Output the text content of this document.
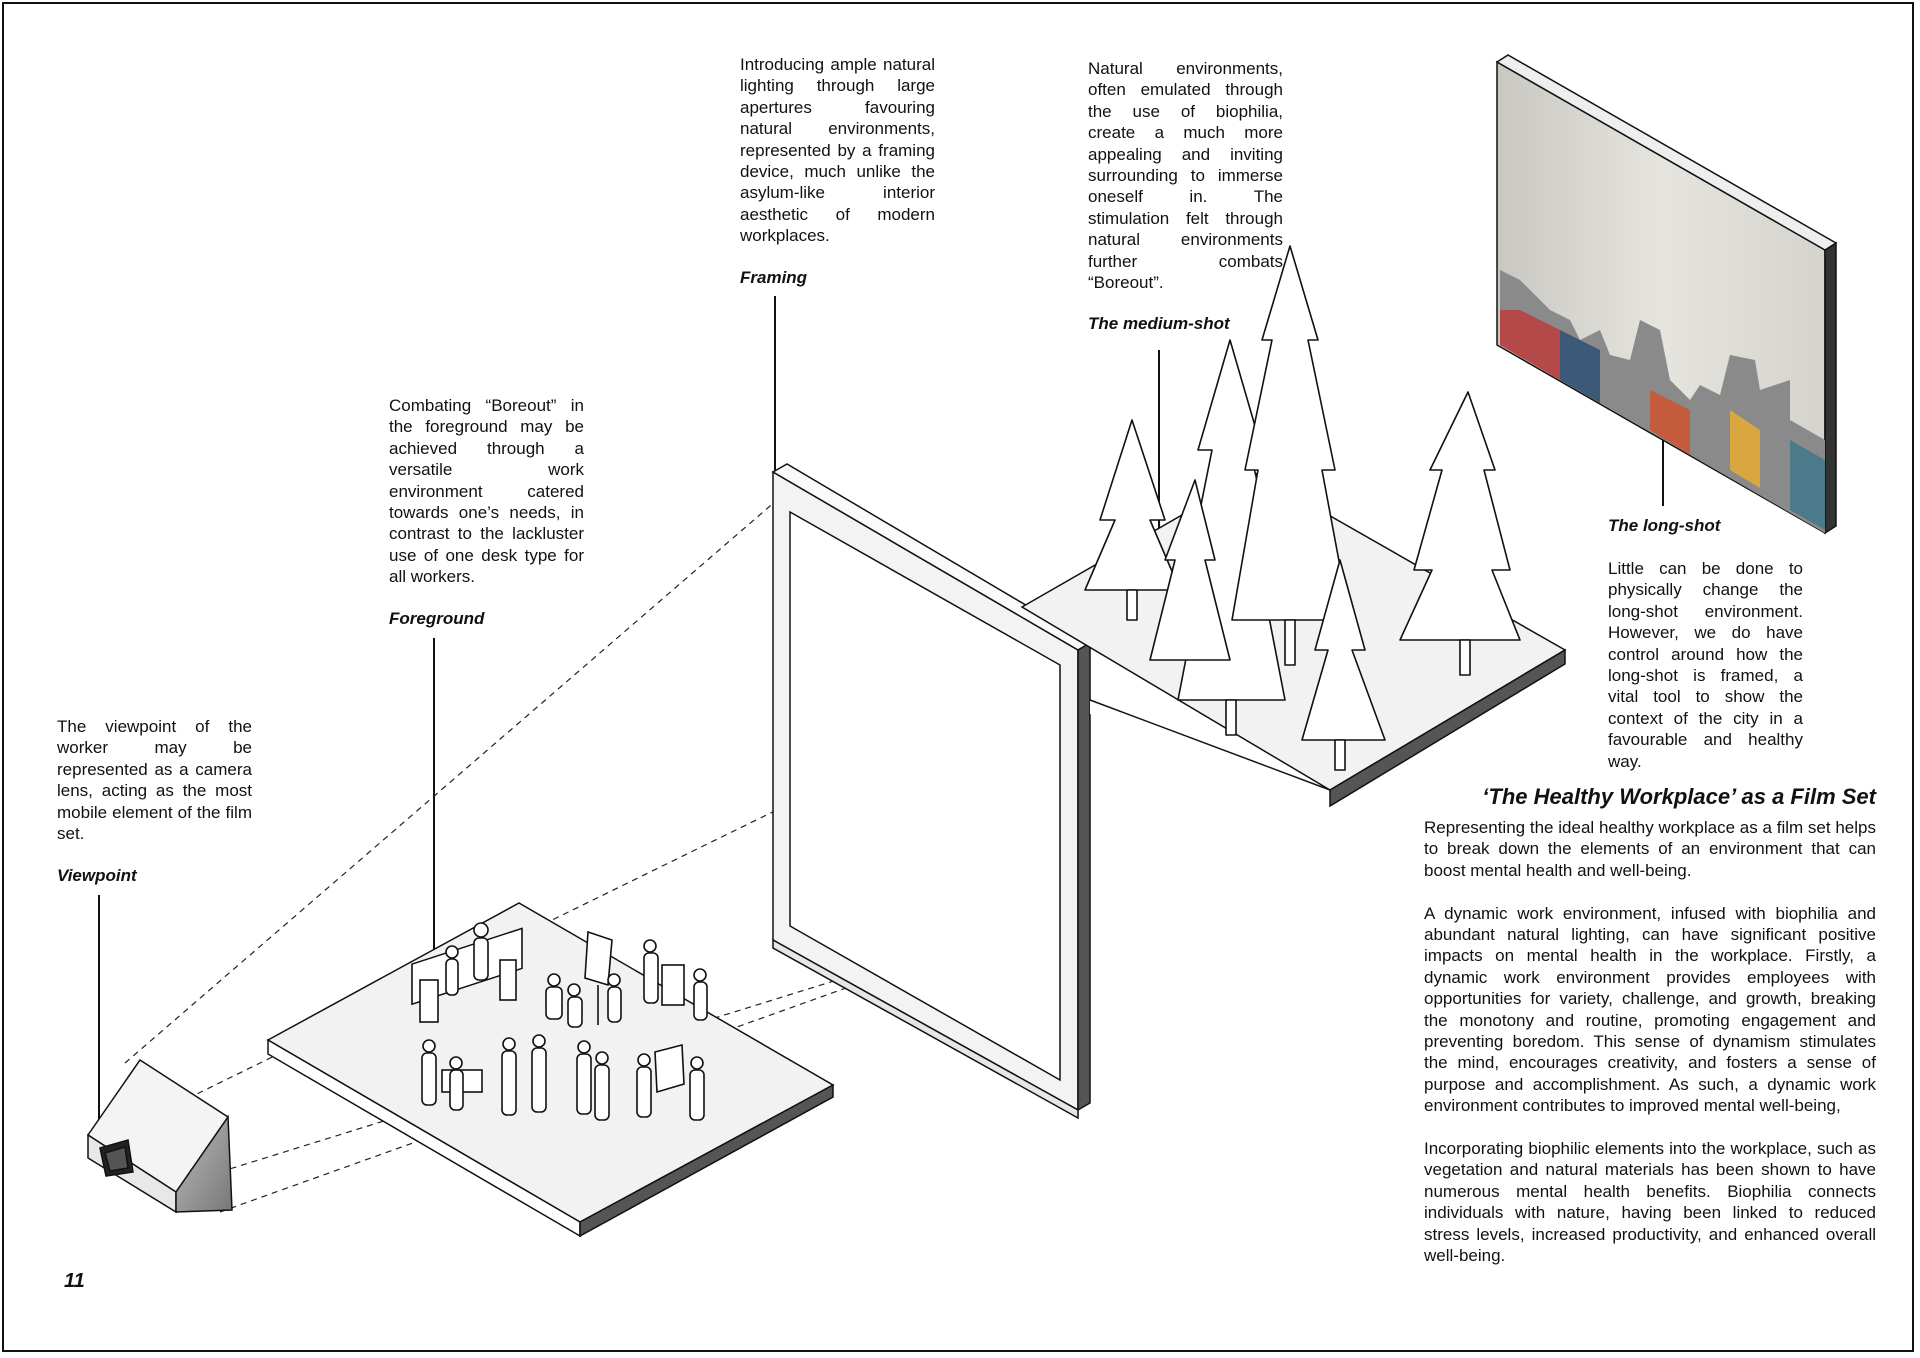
The viewpoint of the worker may be represented as a camera lens, acting as the most mobile element of the film set.

Viewpoint

Combating “Boreout” in the foreground may be achieved through a versatile work environment catered towards one’s needs, in contrast to the lackluster use of one desk type for all workers.

Foreground

Introducing ample natural lighting through large apertures favouring natural environments, represented by a framing device, much unlike the asylum-like interior aesthetic of modern workplaces.

Framing

Natural environments, often emulated through the use of biophilia, create a much more appealing and inviting surrounding to immerse oneself in. The stimulation felt through natural environments further combats “Boreout”.

The medium-shot
The long-shot

Little can be done to physically change the long-shot environment. However, we do have control around how the long-shot is framed, a vital tool to show the context of the city in a favourable and healthy way.

‘The Healthy Workplace’ as a Film Set

Representing the ideal healthy workplace as a film set helps to break down the elements of an environment that can boost mental health and well-being.

A dynamic work environment, infused with biophilia and abundant natural lighting, can have significant positive impacts on mental health in the workplace. Firstly, a dynamic work environment provides employees with opportunities for variety, challenge, and growth, breaking the monotony and routine, promoting engagement and preventing boredom. This sense of dynamism stimulates the mind, encourages creativity, and fosters a sense of purpose and accomplishment. As such, a dynamic work environment contributes to improved mental well-being,

Incorporating biophilic elements into the workplace, such as vegetation and natural materials has been shown to have numerous mental health benefits. Biophilia connects individuals with nature, having been linked to reduced stress levels, increased productivity, and enhanced overall well-being.

11
